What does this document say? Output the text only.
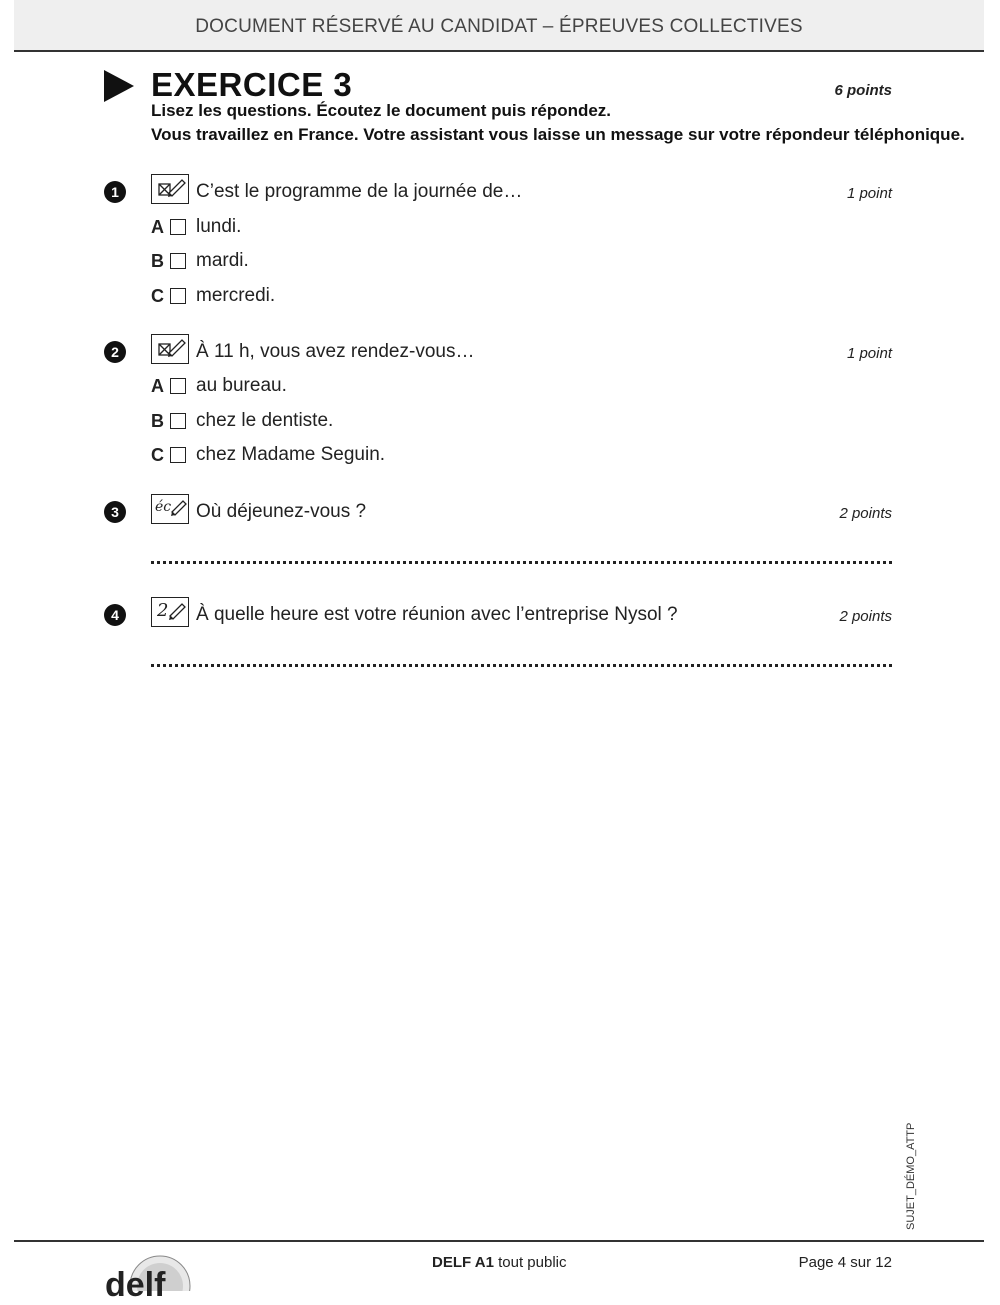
DOCUMENT RÉSERVÉ AU CANDIDAT – ÉPREUVES COLLECTIVES
EXERCICE 3	6 points
Lisez les questions. Écoutez le document puis répondez.
Vous travaillez en France. Votre assistant vous laisse un message sur votre répondeur téléphonique.
1	C’est le programme de la journée de…	1 point
A lundi.
B mardi.
C mercredi.
2	À 11 h, vous avez rendez-vous…	1 point
A au bureau.
B chez le dentiste.
C chez Madame Seguin.
3	éc Où déjeunez-vous ?	2 points
4	2 À quelle heure est votre réunion avec l’entreprise Nysol ?	2 points
SUJET_DÉMO_ATTP
delf
DELF A1 tout public	Page 4 sur 12
